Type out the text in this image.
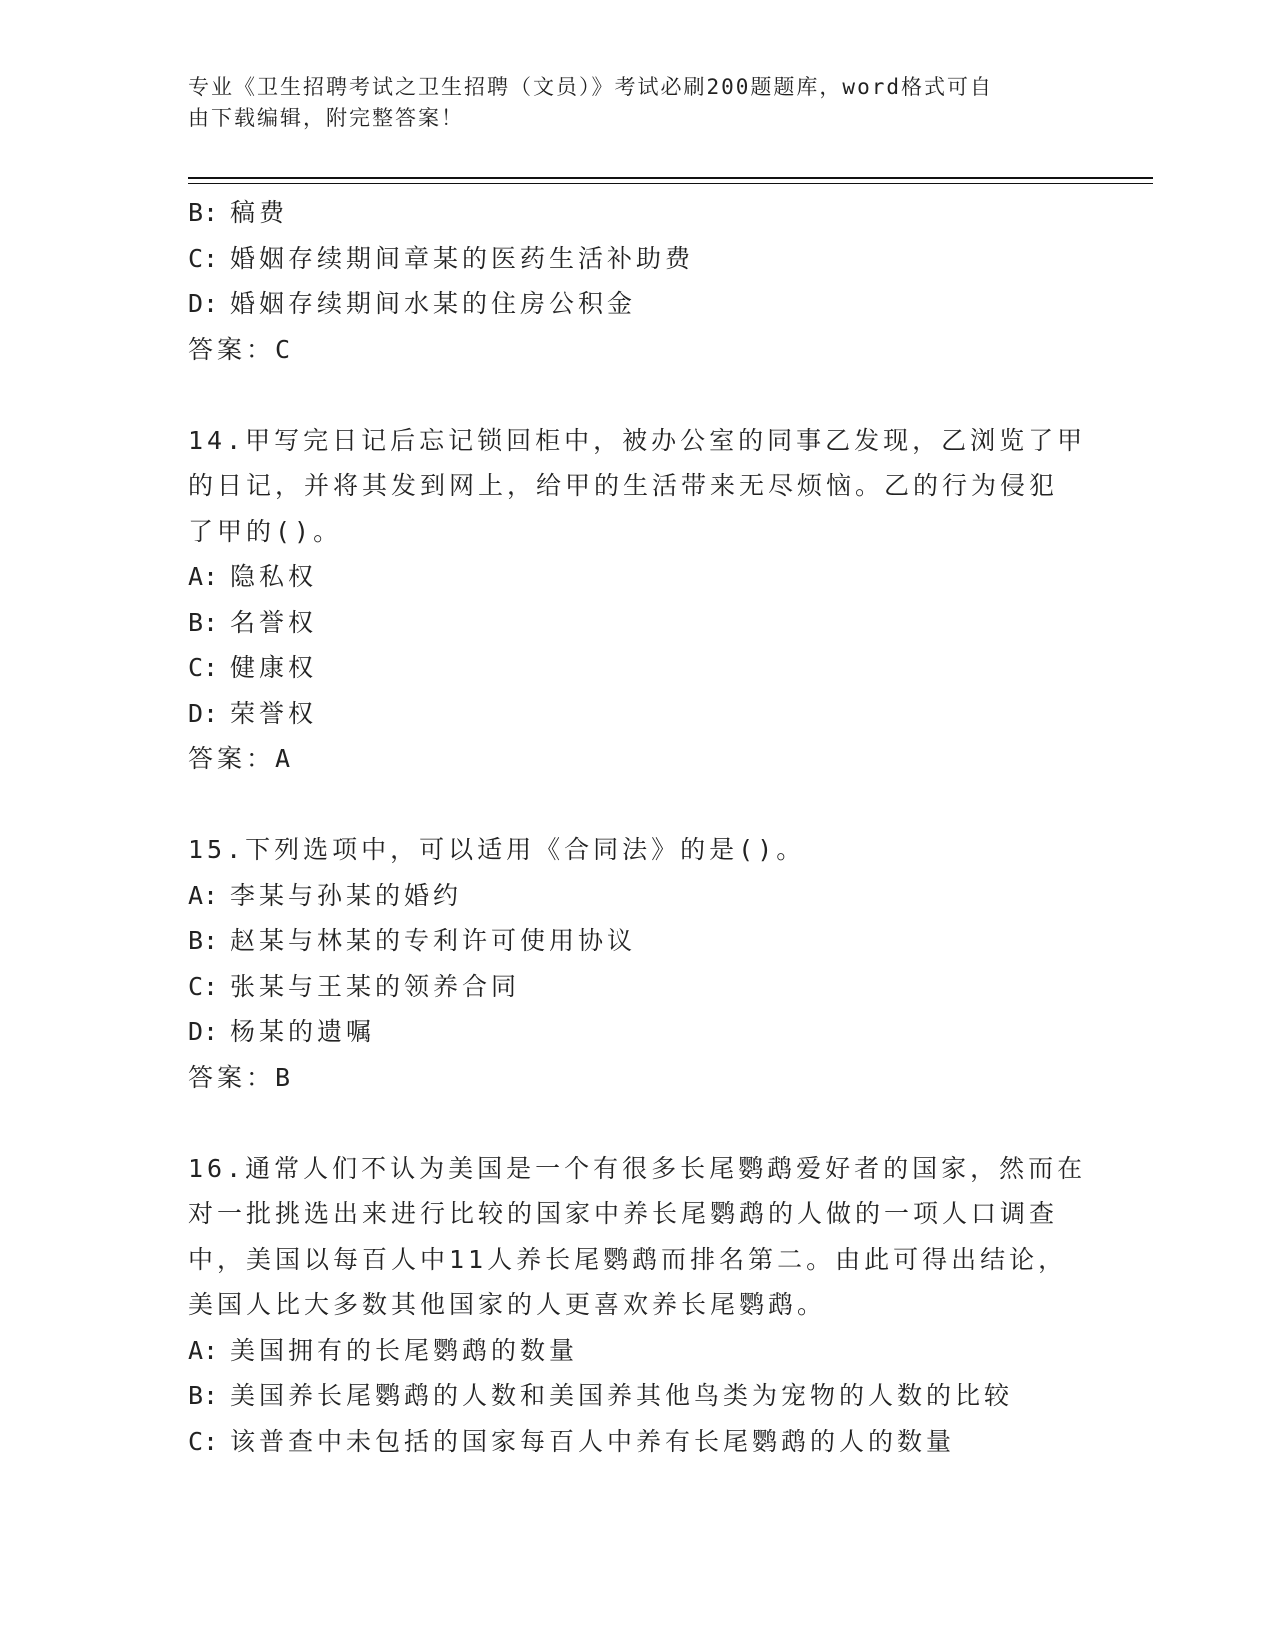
专业《卫生招聘考试之卫生招聘（文员）》考试必刷200题题库，word格式可自
由下载编辑，附完整答案！
B: 稿费
C: 婚姻存续期间章某的医药生活补助费
D: 婚姻存续期间水某的住房公积金
答案：C
14.甲写完日记后忘记锁回柜中，被办公室的同事乙发现，乙浏览了甲
的日记，并将其发到网上，给甲的生活带来无尽烦恼。乙的行为侵犯
了甲的()。
A: 隐私权
B: 名誉权
C: 健康权
D: 荣誉权
答案：A
15.下列选项中，可以适用《合同法》的是()。
A: 李某与孙某的婚约
B: 赵某与林某的专利许可使用协议
C: 张某与王某的领养合同
D: 杨某的遗嘱
答案：B
16.通常人们不认为美国是一个有很多长尾鹦鹉爱好者的国家，然而在
对一批挑选出来进行比较的国家中养长尾鹦鹉的人做的一项人口调查
中，美国以每百人中11人养长尾鹦鹉而排名第二。由此可得出结论，
美国人比大多数其他国家的人更喜欢养长尾鹦鹉。
A: 美国拥有的长尾鹦鹉的数量
B: 美国养长尾鹦鹉的人数和美国养其他鸟类为宠物的人数的比较
C: 该普查中未包括的国家每百人中养有长尾鹦鹉的人的数量
